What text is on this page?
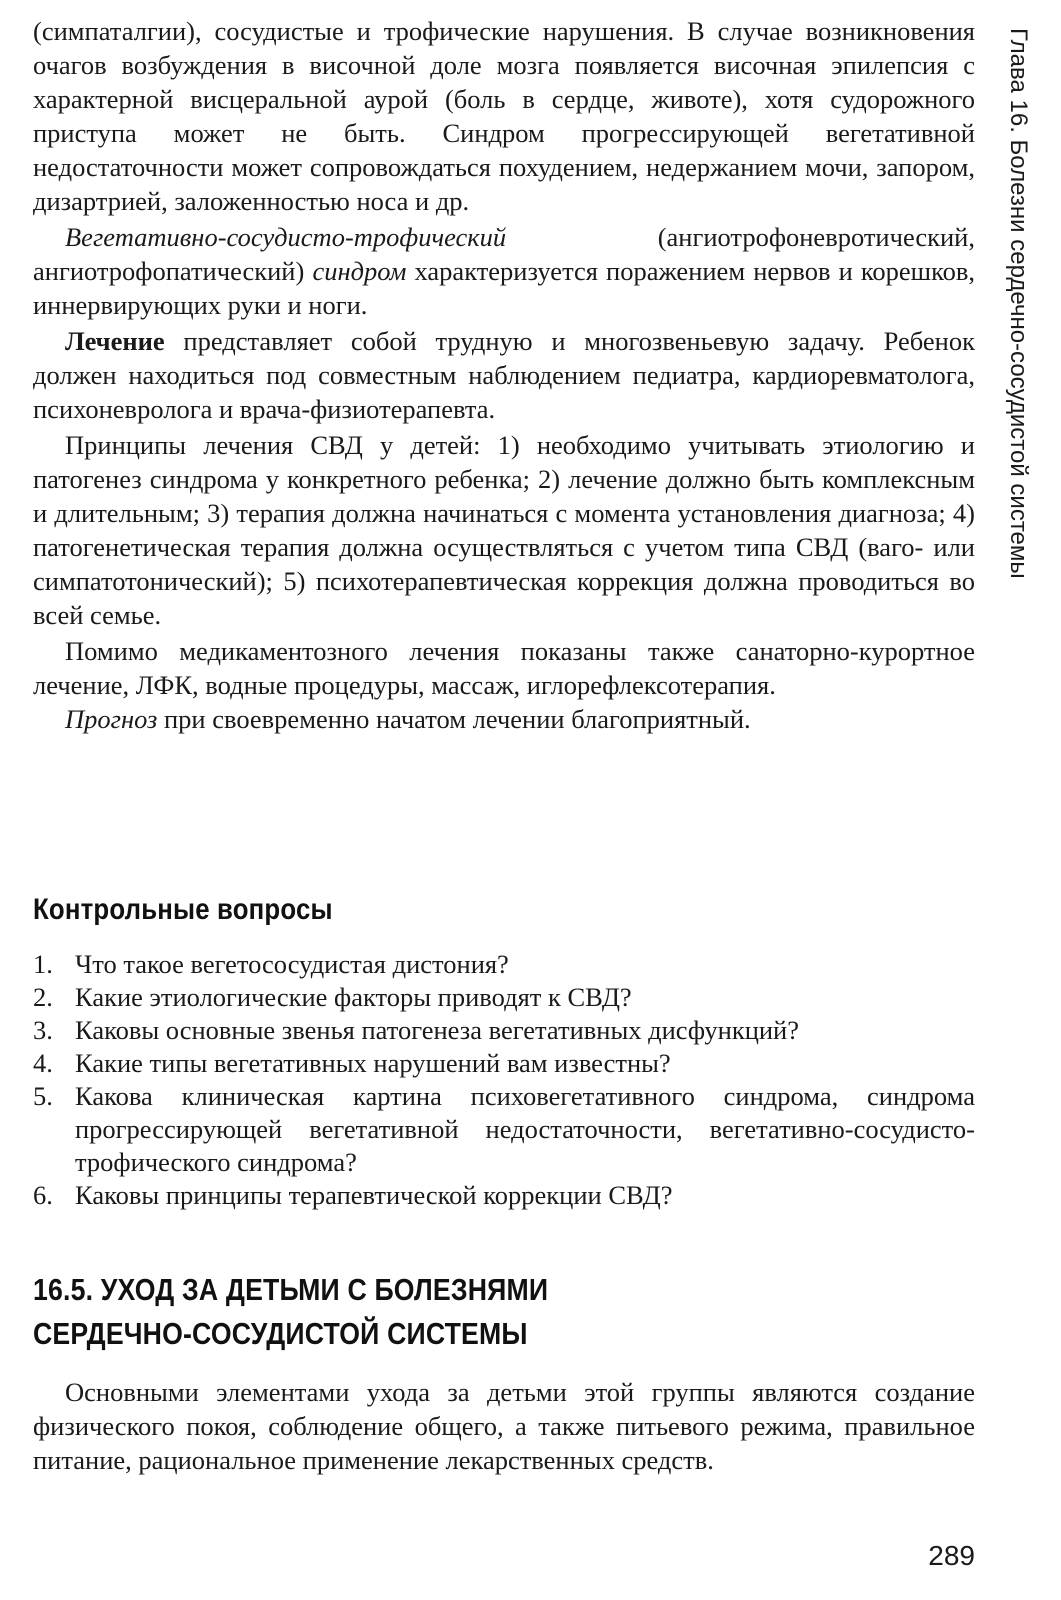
Глава 16. Болезни сердечно-сосудистой системы

(симпаталгии), сосудистые и трофические нарушения. В случае возникновения очагов возбуждения в височной доле мозга появляется височная эпилепсия с характерной висцеральной аурой (боль в сердце, животе), хотя судорожного приступа может не быть. Синдром прогрессирующей вегетативной недостаточности может сопровождаться похудением, недержанием мочи, запором, дизартрией, заложенностью носа и др.

Вегетативно-сосудисто-трофический (ангиотрофоневротический, ангиотрофопатический) синдром характеризуется поражением нервов и корешков, иннервирующих руки и ноги.

Лечение представляет собой трудную и многозвеньевую задачу. Ребенок должен находиться под совместным наблюдением педиатра, кардиоревматолога, психоневролога и врача-физиотерапевта.

Принципы лечения СВД у детей: 1) необходимо учитывать этиологию и патогенез синдрома у конкретного ребенка; 2) лечение должно быть комплексным и длительным; 3) терапия должна начинаться с момента установления диагноза; 4) патогенетическая терапия должна осуществляться с учетом типа СВД (ваго- или симпатотонический); 5) психотерапевтическая коррекция должна проводиться во всей семье.

Помимо медикаментозного лечения показаны также санаторно-курортное лечение, ЛФК, водные процедуры, массаж, иглорефлексотерапия.

Прогноз при своевременно начатом лечении благоприятный.

Контрольные вопросы
1. Что такое вегетососудистая дистония?
2. Какие этиологические факторы приводят к СВД?
3. Каковы основные звенья патогенеза вегетативных дисфункций?
4. Какие типы вегетативных нарушений вам известны?
5. Какова клиническая картина психовегетативного синдрома, синдрома прогрессирующей вегетативной недостаточности, вегетативно-сосудисто-трофического синдрома?
6. Каковы принципы терапевтической коррекции СВД?
16.5. УХОД ЗА ДЕТЬМИ С БОЛЕЗНЯМИ
СЕРДЕЧНО-СОСУДИСТОЙ СИСТЕМЫ

Основными элементами ухода за детьми этой группы являются создание физического покоя, соблюдение общего, а также питьевого режима, правильное питание, рациональное применение лекарственных средств.

289
